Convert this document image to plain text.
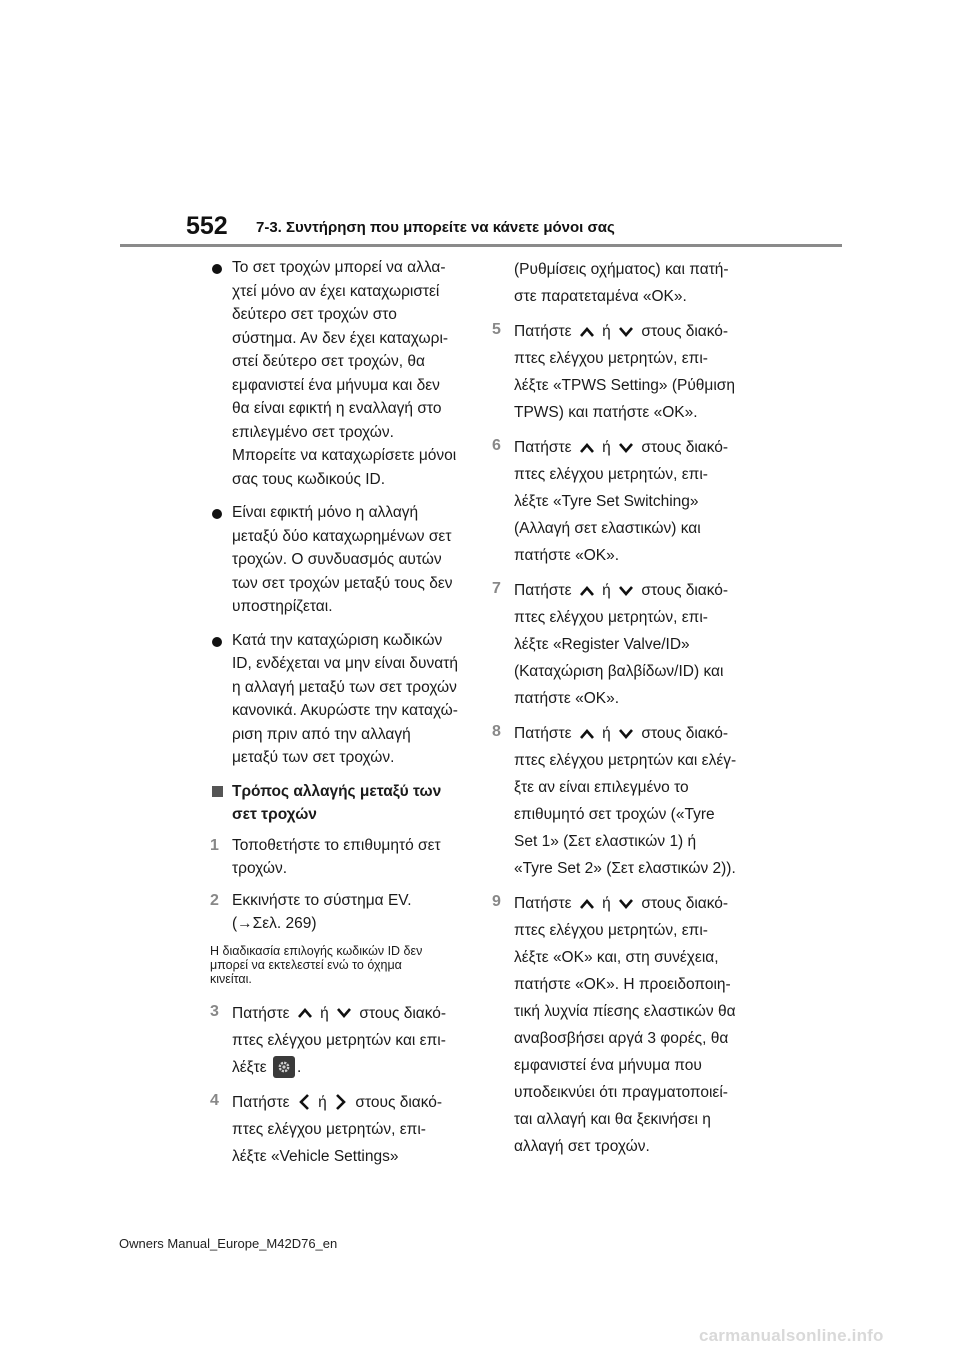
552 7-3. Συντήρηση που μπορείτε να κάνετε μόνοι σας

Το σετ τροχών μπορεί να αλλα-
χτεί μόνο αν έχει καταχωριστεί
δεύτερο σετ τροχών στο
σύστημα. Αν δεν έχει καταχωρι-
στεί δεύτερο σετ τροχών, θα
εμφανιστεί ένα μήνυμα και δεν
θα είναι εφικτή η εναλλαγή στο
επιλεγμένο σετ τροχών.
Μπορείτε να καταχωρίσετε μόνοι
σας τους κωδικούς ID.

Είναι εφικτή μόνο η αλλαγή
μεταξύ δύο καταχωρημένων σετ
τροχών. Ο συνδυασμός αυτών
των σετ τροχών μεταξύ τους δεν
υποστηρίζεται.

Κατά την καταχώριση κωδικών
ID, ενδέχεται να μην είναι δυνατή
η αλλαγή μεταξύ των σετ τροχών
κανονικά. Ακυρώστε την καταχώ-
ριση πριν από την αλλαγή
μεταξύ των σετ τροχών.

Τρόπος αλλαγής μεταξύ των
σετ τροχών
1 Τοποθετήστε το επιθυμητό σετ
τροχών.

2 Εκκινήστε το σύστημα EV.
(→Σελ. 269)

Η διαδικασία επιλογής κωδικών ID δεν
μπορεί να εκτελεστεί ενώ το όχημα
κινείται.
3 Πατήστε ή στους διακό-
πτες ελέγχου μετρητών και επι-
λέξτε .

4 Πατήστε ή στους διακό-
πτες ελέγχου μετρητών, επι-
λέξτε «Vehicle Settings»

(Ρυθμίσεις οχήματος) και πατή-
στε παρατεταμένα «OK».

5 Πατήστε ή στους διακό-
πτες ελέγχου μετρητών, επι-
λέξτε «TPWS Setting» (Ρύθμιση
TPWS) και πατήστε «OK».

6 Πατήστε ή στους διακό-
πτες ελέγχου μετρητών, επι-
λέξτε «Tyre Set Switching»
(Αλλαγή σετ ελαστικών) και
πατήστε «OK».

7 Πατήστε ή στους διακό-
πτες ελέγχου μετρητών, επι-
λέξτε «Register Valve/ID»
(Καταχώριση βαλβίδων/ID) και
πατήστε «OK».

8 Πατήστε ή στους διακό-
πτες ελέγχου μετρητών και ελέγ-
ξτε αν είναι επιλεγμένο το
επιθυμητό σετ τροχών («Tyre
Set 1» (Σετ ελαστικών 1) ή
«Tyre Set 2» (Σετ ελαστικών 2)).

9 Πατήστε ή στους διακό-
πτες ελέγχου μετρητών, επι-
λέξτε «OK» και, στη συνέχεια,
πατήστε «OK». Η προειδοποιη-
τική λυχνία πίεσης ελαστικών θα
αναβοσβήσει αργά 3 φορές, θα
εμφανιστεί ένα μήνυμα που
υποδεικνύει ότι πραγματοποιεί-
ται αλλαγή και θα ξεκινήσει η
αλλαγή σετ τροχών.

Owners Manual_Europe_M42D76_en
carmanualsonline.info
